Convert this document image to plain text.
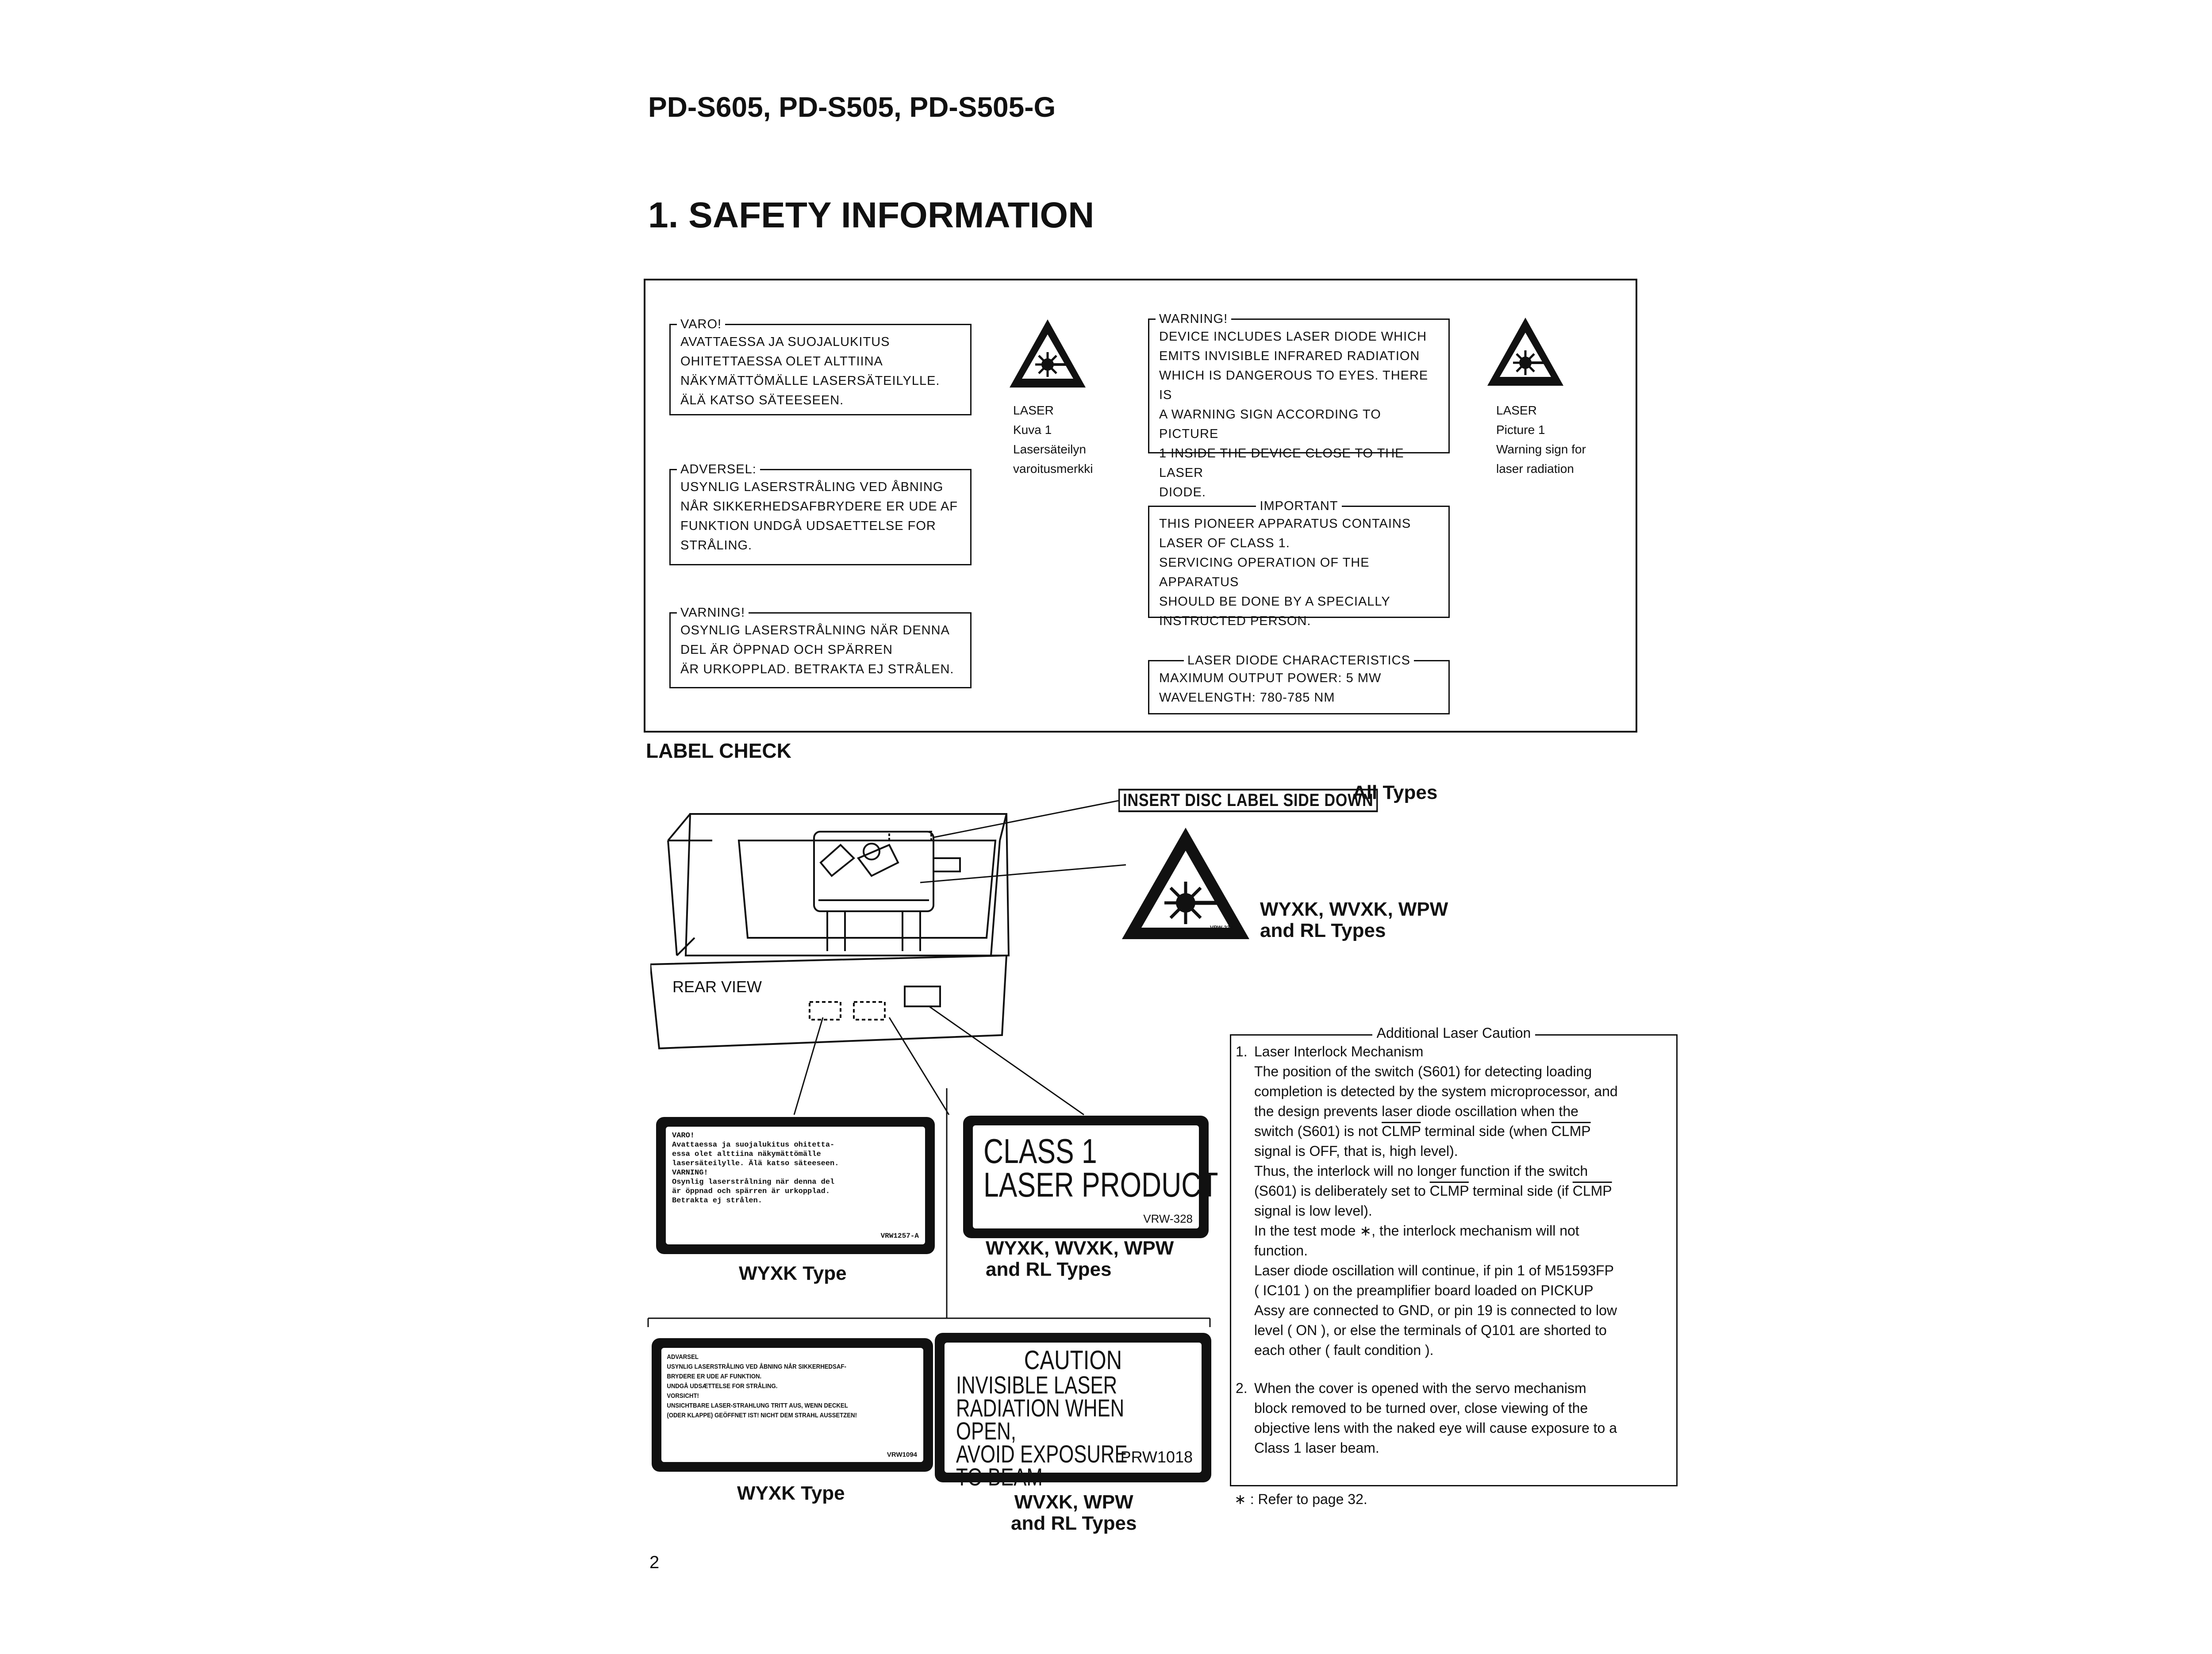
PD-S605, PD-S505, PD-S505-G
1. SAFETY INFORMATION
VARO!
AVATTAESSA JA SUOJALUKITUS
OHITETTAESSA OLET ALTTIINA
NÄKYMÄTTÖMÄLLE LASERSÄTEILYLLE.
ÄLÄ KATSO SÄTEESEEN.
ADVERSEL:
USYNLIG LASERSTRÅLING VED ÅBNING
NÅR SIKKERHEDSAFBRYDERE ER UDE AF
FUNKTION UNDGÅ UDSAETTELSE FOR
STRÅLING.
VARNING!
OSYNLIG LASERSTRÅLNING NÄR DENNA
DEL ÄR ÖPPNAD OCH SPÄRREN
ÄR URKOPPLAD. BETRAKTA EJ STRÅLEN.
LASER
Kuva 1
Lasersäteilyn
varoitusmerkki
WARNING!
DEVICE INCLUDES LASER DIODE WHICH
EMITS INVISIBLE INFRARED RADIATION
WHICH IS DANGEROUS TO EYES. THERE IS
A WARNING SIGN ACCORDING TO PICTURE
1 INSIDE THE DEVICE CLOSE TO THE LASER
DIODE.
IMPORTANT
THIS PIONEER APPARATUS CONTAINS
LASER OF CLASS 1.
SERVICING OPERATION OF THE APPARATUS
SHOULD BE DONE BY A SPECIALLY
INSTRUCTED PERSON.
LASER DIODE CHARACTERISTICS
MAXIMUM OUTPUT POWER: 5 MW
WAVELENGTH: 780-785 NM
LASER
Picture 1
Warning sign for
laser radiation
LABEL CHECK
REAR VIEW
INSERT DISC LABEL SIDE DOWN
All Types
VRW-226
WYXK, WVXK, WPW
and RL Types
VARO!
Avattaessa ja suojalukitus ohitetta-
essa olet alttiina näkymättömälle
lasersäteilylle. Älä katso säteeseen.
VARNING!
Osynlig laserstrålning när denna del
är öppnad och spärren är urkopplad.
Betrakta ej strålen.
VRW1257-A
WYXK Type
CLASS 1
LASER PRODUCT
VRW-328
WYXK, WVXK, WPW
and RL Types
ADVARSEL
USYNLIG LASERSTRÅLING VED ÅBNING NÅR SIKKERHEDSAF-
BRYDERE ER UDE AF FUNKTION.
UNDGÅ UDSÆTTELSE FOR STRÅLING.
VORSICHT!
UNSICHTBARE LASER-STRAHLUNG TRITT AUS, WENN DECKEL
(ODER KLAPPE) GEÖFFNET IST! NICHT DEM STRAHL AUSSETZEN!
VRW1094
WYXK Type
CAUTION
INVISIBLE LASER
RADIATION WHEN OPEN,
AVOID EXPOSURE
TO BEAM
PRW1018
WVXK, WPW
and RL Types
Additional Laser Caution
1. Laser Interlock Mechanism
The position of the switch (S601) for detecting loading
completion is detected by the system microprocessor, and
the design prevents laser diode oscillation when the
switch (S601) is not CLMP terminal side (when CLMP
signal is OFF, that is, high level).
Thus, the interlock will no longer function if the switch
(S601) is deliberately set to CLMP terminal side (if CLMP
signal is low level).
In the test mode ∗, the interlock mechanism will not
function.
Laser diode oscillation will continue, if pin 1 of M51593FP
( IC101 ) on the preamplifier board loaded on PICKUP
Assy are connected to GND, or pin 19 is connected to low
level ( ON ), or else the terminals of Q101 are shorted to
each other ( fault condition ).
2. When the cover is opened with the servo mechanism
block removed to be turned over, close viewing of the
objective lens with the naked eye will cause exposure to a
Class 1 laser beam.
∗ : Refer to page 32.
2
